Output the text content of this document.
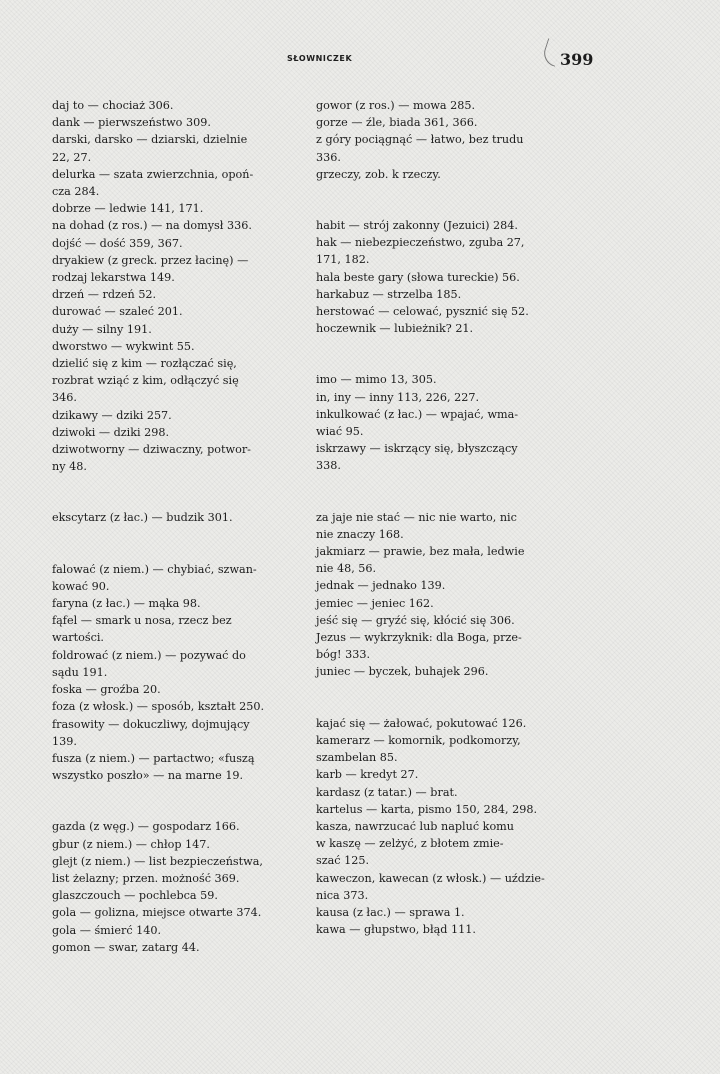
SŁOWNICZEK	399
daj to — chociaż 306.
dank — pierwszeństwo 309.
darski, darsko — dziarski, dzielnie
22, 27.
delurka — szata zwierzchnia, opoń-
cza 284.
dobrze — ledwie 141, 171.
na dohad (z ros.) — na domysł 336.
dojść — dość 359, 367.
dryakiew (z greck. przez łacinę) —
rodzaj lekarstwa 149.
drzeń — rdzeń 52.
durować — szaleć 201.
duży — silny 191.
dworstwo — wykwint 55.
dzielić się z kim — rozłączać się,
rozbrat wziąć z kim, odłączyć się
346.
dzikawy — dziki 257.
dziwoki — dziki 298.
dziwotworny — dziwaczny, potwor-
ny 48.
ekscytarz (z łac.) — budzik 301.
falować (z niem.) — chybiać, szwan-
kować 90.
faryna (z łac.) — mąka 98.
fąfel — smark u nosa, rzecz bez
wartości.
foldrować (z niem.) — pozywać do
sądu 191.
foska — groźba 20.
foza (z włosk.) — sposób, kształt 250.
frasowity — dokuczliwy, dojmujący
139.
fusza (z niem.) — partactwo; «fuszą
wszystko poszło» — na marne 19.
gazda (z węg.) — gospodarz 166.
gbur (z niem.) — chłop 147.
glejt (z niem.) — list bezpieczeństwa,
list żelazny; przen. możność 369.
glaszczouch — pochlebca 59.
gola — golizna, miejsce otwarte 374.
gola — śmierć 140.
gomon — swar, zatarg 44.
gowor (z ros.) — mowa 285.
gorze — źle, biada 361, 366.
z góry pociągnąć — łatwo, bez trudu
336.
grzeczy, zob. k rzeczy.
habit — strój zakonny (Jezuici) 284.
hak — niebezpieczeństwo, zguba 27,
171, 182.
hala beste gary (słowa tureckie) 56.
harkabuz — strzelba 185.
herstować — celować, pysznić się 52.
hoczewnik — lubieżnik? 21.
imo — mimo 13, 305.
in, iny — inny 113, 226, 227.
inkulkować (z łac.) — wpajać, wma-
wiać 95.
iskrzawy — iskrzący się, błyszczący
338.
za jaje nie stać — nic nie warto, nic
nie znaczy 168.
jakmiarz — prawie, bez mała, ledwie
nie 48, 56.
jednak — jednako 139.
jemiec — jeniec 162.
jeść się — gryźć się, kłócić się 306.
Jezus — wykrzyknik: dla Boga, prze-
bóg! 333.
juniec — byczek, buhajek 296.
kajać się — żałować, pokutować 126.
kamerarz — komornik, podkomorzy,
szambelan 85.
karb — kredyt 27.
kardasz (z tatar.) — brat.
kartelus — karta, pismo 150, 284, 298.
kasza, nawrzucać lub napluć komu
w kaszę — zelżyć, z błotem zmie-
szać 125.
kaweczon, kawecan (z włosk.) — uździe-
nica 373.
kausa (z łac.) — sprawa 1.
kawa — głupstwo, błąd 111.
